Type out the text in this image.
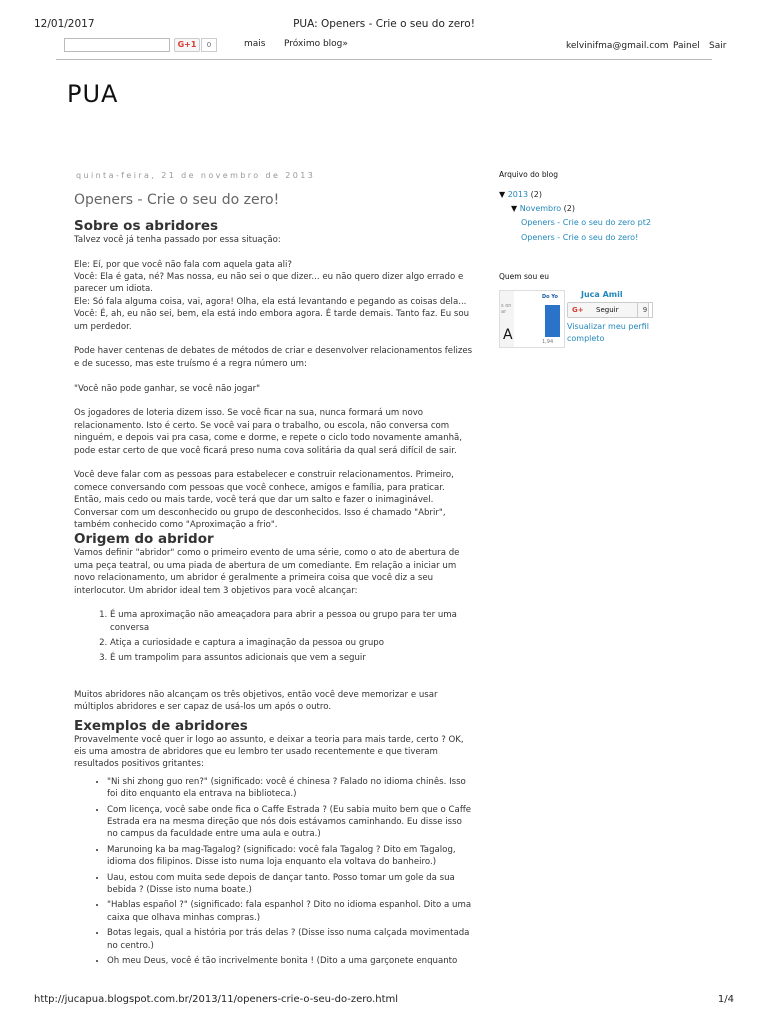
12/01/2017	PUA: Openers - Crie o seu do zero!
G+1	0	mais Próximo blog»	kelvinifma@gmail.com Painel Sair
PUA
quinta-feira, 21 de novembro de 2013
Openers - Crie o seu do zero!
Sobre os abridores

Talvez você já tenha passado por essa situação:

Ele: Eí, por que você não fala com aquela gata ali?
Você: Ela é gata, né? Mas nossa, eu não sei o que dizer... eu não quero dizer algo errado e parecer um idiota.
Ele: Só fala alguma coisa, vai, agora! Olha, ela está levantando e pegando as coisas dela...
Você: É, ah, eu não sei, bem, ela está indo embora agora. É tarde demais. Tanto faz. Eu sou um perdedor.

Pode haver centenas de debates de métodos de criar e desenvolver relacionamentos felizes e de sucesso, mas este truísmo é a regra número um:

"Você não pode ganhar, se você não jogar"

Os jogadores de loteria dizem isso. Se você ficar na sua, nunca formará um novo relacionamento. Isto é certo. Se você vai para o trabalho, ou escola, não conversa com ninguém, e depois vai pra casa, come e dorme, e repete o ciclo todo novamente amanhã, pode estar certo de que você ficará preso numa cova solitária da qual será difícil de sair.

Você deve falar com as pessoas para estabelecer e construir relacionamentos. Primeiro, comece conversando com pessoas que você conhece, amigos e família, para praticar. Então, mais cedo ou mais tarde, você terá que dar um salto e fazer o inimaginável. Conversar com um desconhecido ou grupo de desconhecidos. Isso é chamado "Abrir", também conhecido como "Aproximação a frio".

Origem do abridor

Vamos definir "abridor" como o primeiro evento de uma série, como o ato de abertura de uma peça teatral, ou uma piada de abertura de um comediante. Em relação a iniciar um novo relacionamento, um abridor é geralmente a primeira coisa que você diz a seu interlocutor. Um abridor ideal tem 3 objetivos para você alcançar:

1. É uma aproximação não ameaçadora para abrir a pessoa ou grupo para ter uma conversa
2. Atiça a curiosidade e captura a imaginação da pessoa ou grupo
3. É um trampolim para assuntos adicionais que vem a seguir

Muitos abridores não alcançam os três objetivos, então você deve memorizar e usar múltiplos abridores e ser capaz de usá-los um após o outro.

Exemplos de abridores

Provavelmente você quer ir logo ao assunto, e deixar a teoria para mais tarde, certo ? OK, eis uma amostra de abridores que eu lembro ter usado recentemente e que tiveram resultados positivos gritantes:

• "Ni shi zhong guo ren?" (significado: você é chinesa ? Falado no idioma chinês. Isso foi dito enquanto ela entrava na biblioteca.)
• Com licença, você sabe onde fica o Caffe Estrada ? (Eu sabia muito bem que o Caffe Estrada era na mesma direção que nós dois estávamos caminhando. Eu disse isso no campus da faculdade entre uma aula e outra.)
• Marunoing ka ba mag-Tagalog? (significado: você fala Tagalog ? Dito em Tagalog, idioma dos filipinos. Disse isto numa loja enquanto ela voltava do banheiro.)
• Uau, estou com muita sede depois de dançar tanto. Posso tomar um gole da sua bebida ? (Disse isto numa boate.)
• "Hablas español ?" (significado: fala espanhol ? Dito no idioma espanhol. Dito a uma caixa que olhava minhas compras.)
• Botas legais, qual a história por trás delas ? (Disse isso numa calçada movimentada no centro.)
• Oh meu Deus, você é tão incrivelmente bonita ! (Dito a uma garçonete enquanto
Arquivo do blog
▼ 2013 (2)
▼ Novembro (2)
Openers - Crie o seu do zero pt2
Openers - Crie o seu do zero!
Quem sou eu
s on
ar
Do Yo
1,94
A
Juca Amil
G+ Seguir	9
Visualizar meu perfil completo
http://jucapua.blogspot.com.br/2013/11/openers-crie-o-seu-do-zero.html	1/4
